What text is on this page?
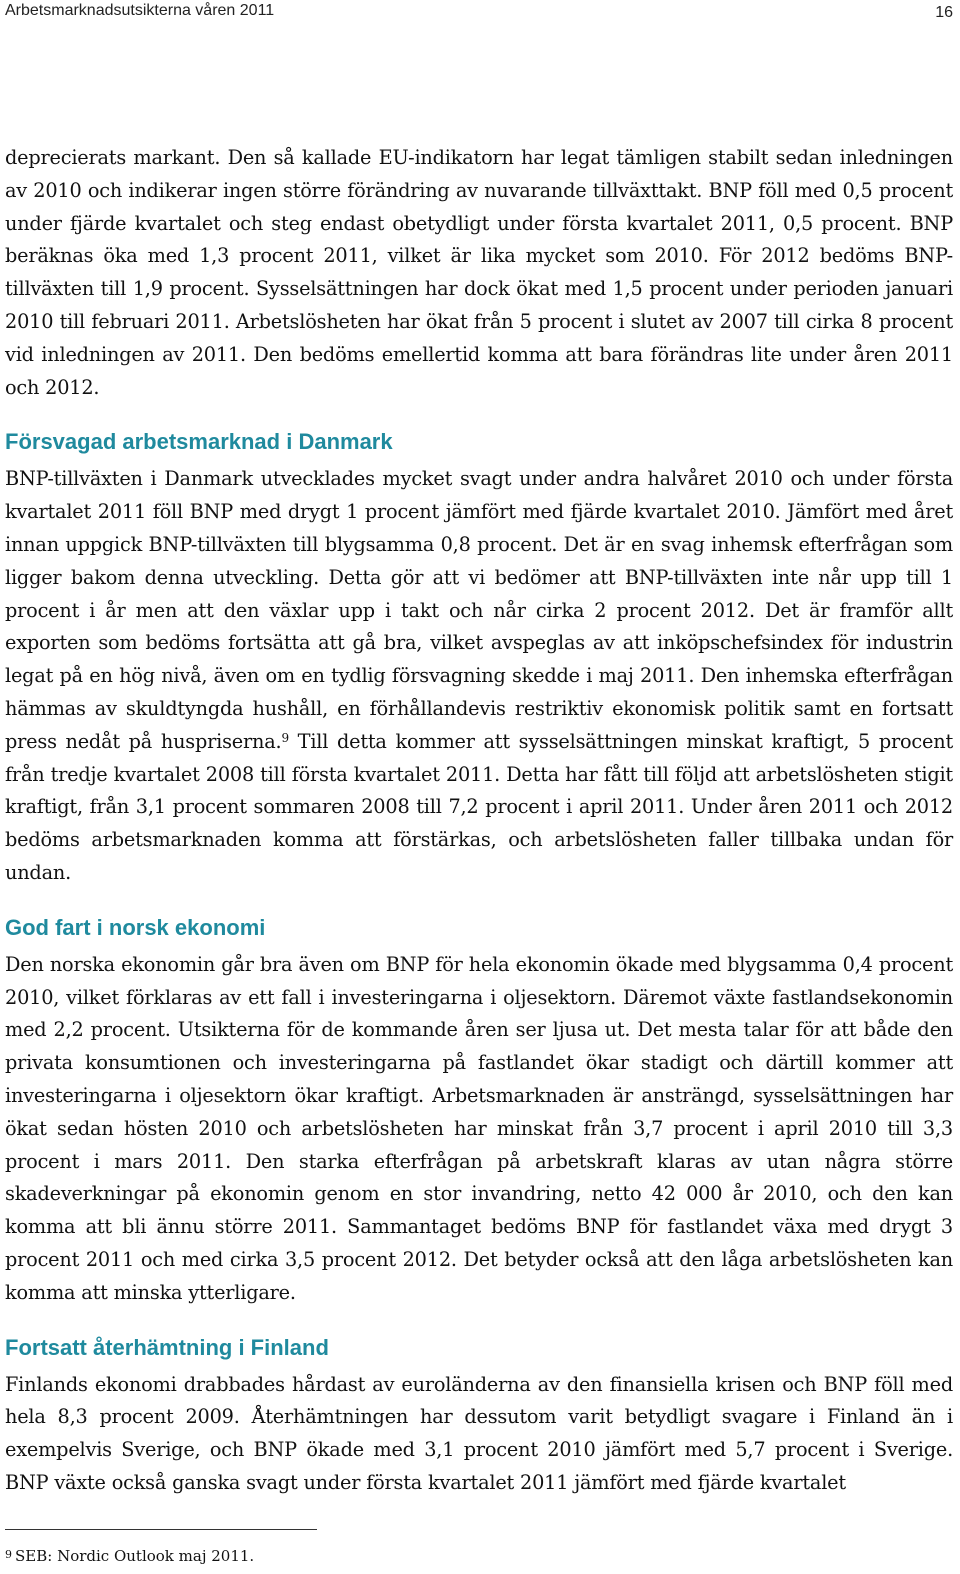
Arbetsmarknadsutsikterna våren 2011	16

deprecierats markant. Den så kallade EU-indikatorn har legat tämligen stabilt sedan inledningen av 2010 och indikerar ingen större förändring av nuvarande tillväxttakt. BNP föll med 0,5 procent under fjärde kvartalet och steg endast obetydligt under första kvartalet 2011, 0,5 procent. BNP beräknas öka med 1,3 procent 2011, vilket är lika mycket som 2010. För 2012 bedöms BNP-tillväxten till 1,9 procent. Sysselsättningen har dock ökat med 1,5 procent under perioden januari 2010 till februari 2011. Arbetslösheten har ökat från 5 procent i slutet av 2007 till cirka 8 procent vid inledningen av 2011. Den bedöms emellertid komma att bara förändras lite under åren 2011 och 2012.

Försvagad arbetsmarknad i Danmark

BNP-tillväxten i Danmark utvecklades mycket svagt under andra halvåret 2010 och under första kvartalet 2011 föll BNP med drygt 1 procent jämfört med fjärde kvartalet 2010. Jämfört med året innan uppgick BNP-tillväxten till blygsamma 0,8 procent. Det är en svag inhemsk efterfrågan som ligger bakom denna utveckling. Detta gör att vi bedömer att BNP-tillväxten inte når upp till 1 procent i år men att den växlar upp i takt och når cirka 2 procent 2012. Det är framför allt exporten som bedöms fortsätta att gå bra, vilket avspeglas av att inköpschefsindex för industrin legat på en hög nivå, även om en tydlig försvagning skedde i maj 2011. Den inhemska efterfrågan hämmas av skuldtyngda hushåll, en förhållandevis restriktiv ekonomisk politik samt en fortsatt press nedåt på huspriserna.$^9$ Till detta kommer att sysselsättningen minskat kraftigt, 5 procent från tredje kvartalet 2008 till första kvartalet 2011. Detta har fått till följd att arbetslösheten stigit kraftigt, från 3,1 procent sommaren 2008 till 7,2 procent i april 2011. Under åren 2011 och 2012 bedöms arbetsmarknaden komma att förstärkas, och arbetslösheten faller tillbaka undan för undan.

God fart i norsk ekonomi

Den norska ekonomin går bra även om BNP för hela ekonomin ökade med blygsamma 0,4 procent 2010, vilket förklaras av ett fall i investeringarna i oljesektorn. Däremot växte fastlandsekonomin med 2,2 procent. Utsikterna för de kommande åren ser ljusa ut. Det mesta talar för att både den privata konsumtionen och investeringarna på fastlandet ökar stadigt och därtill kommer att investeringarna i oljesektorn ökar kraftigt. Arbetsmarknaden är ansträngd, sysselsättningen har ökat sedan hösten 2010 och arbetslösheten har minskat från 3,7 procent i april 2010 till 3,3 procent i mars 2011. Den starka efterfrågan på arbetskraft klaras av utan några större skadeverkningar på ekonomin genom en stor invandring, netto 42 000 år 2010, och den kan komma att bli ännu större 2011. Sammantaget bedöms BNP för fastlandet växa med drygt 3 procent 2011 och med cirka 3,5 procent 2012. Det betyder också att den låga arbetslösheten kan komma att minska ytterligare.

Fortsatt återhämtning i Finland

Finlands ekonomi drabbades hårdast av euroländerna av den finansiella krisen och BNP föll med hela 8,3 procent 2009. Återhämtningen har dessutom varit betydligt svagare i Finland än i exempelvis Sverige, och BNP ökade med 3,1 procent 2010 jämfört med 5,7 procent i Sverige. BNP växte också ganska svagt under första kvartalet 2011 jämfört med fjärde kvartalet

$^9$ SEB: Nordic Outlook maj 2011.
